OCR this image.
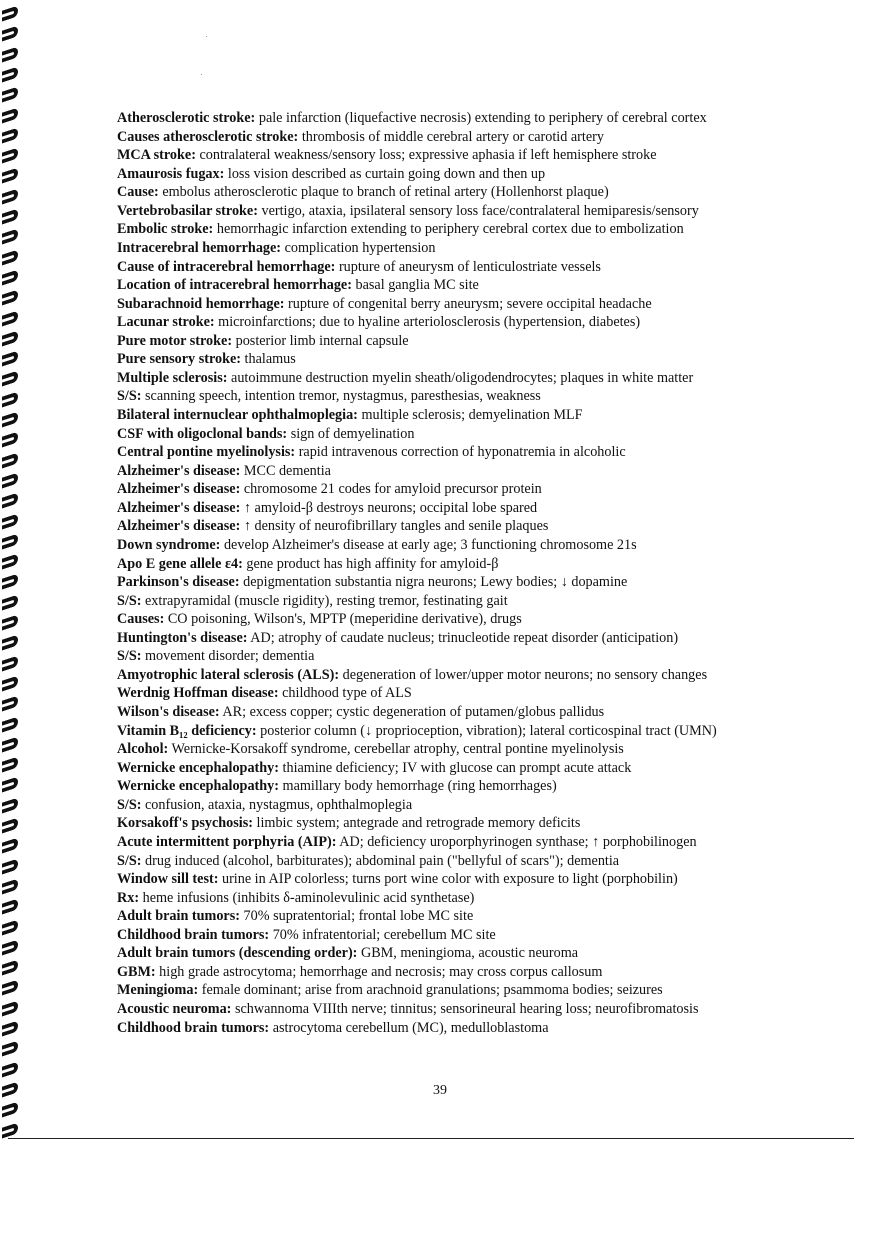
Atherosclerotic stroke: pale infarction (liquefactive necrosis) extending to periphery of cerebral cortex
Causes atherosclerotic stroke: thrombosis of middle cerebral artery or carotid artery
MCA stroke: contralateral weakness/sensory loss; expressive aphasia if left hemisphere stroke
Amaurosis fugax: loss vision described as curtain going down and then up
Cause: embolus atherosclerotic plaque to branch of retinal artery (Hollenhorst plaque)
Vertebrobasilar stroke: vertigo, ataxia, ipsilateral sensory loss face/contralateral hemiparesis/sensory
Embolic stroke: hemorrhagic infarction extending to periphery cerebral cortex due to embolization
Intracerebral hemorrhage: complication hypertension
Cause of intracerebral hemorrhage: rupture of aneurysm of lenticulostriate vessels
Location of intracerebral hemorrhage: basal ganglia MC site
Subarachnoid hemorrhage: rupture of congenital berry aneurysm; severe occipital headache
Lacunar stroke: microinfarctions; due to hyaline arteriolosclerosis (hypertension, diabetes)
Pure motor stroke: posterior limb internal capsule
Pure sensory stroke: thalamus
Multiple sclerosis: autoimmune destruction myelin sheath/oligodendrocytes; plaques in white matter
S/S: scanning speech, intention tremor, nystagmus, paresthesias, weakness
Bilateral internuclear ophthalmoplegia: multiple sclerosis; demyelination MLF
CSF with oligoclonal bands: sign of demyelination
Central pontine myelinolysis: rapid intravenous correction of hyponatremia in alcoholic
Alzheimer's disease: MCC dementia
Alzheimer's disease: chromosome 21 codes for amyloid precursor protein
Alzheimer's disease: ↑ amyloid-β destroys neurons; occipital lobe spared
Alzheimer's disease: ↑ density of neurofibrillary tangles and senile plaques
Down syndrome: develop Alzheimer's disease at early age; 3 functioning chromosome 21s
Apo E gene allele ε4: gene product has high affinity for amyloid-β
Parkinson's disease: depigmentation substantia nigra neurons; Lewy bodies; ↓ dopamine
S/S: extrapyramidal (muscle rigidity), resting tremor, festinating gait
Causes: CO poisoning, Wilson's, MPTP (meperidine derivative), drugs
Huntington's disease: AD; atrophy of caudate nucleus; trinucleotide repeat disorder (anticipation)
S/S: movement disorder; dementia
Amyotrophic lateral sclerosis (ALS): degeneration of lower/upper motor neurons; no sensory changes
Werdnig Hoffman disease: childhood type of ALS
Wilson's disease: AR; excess copper; cystic degeneration of putamen/globus pallidus
Vitamin B₁₂ deficiency: posterior column (↓ proprioception, vibration); lateral corticospinal tract (UMN)
Alcohol: Wernicke-Korsakoff syndrome, cerebellar atrophy, central pontine myelinolysis
Wernicke encephalopathy: thiamine deficiency; IV with glucose can prompt acute attack
Wernicke encephalopathy: mamillary body hemorrhage (ring hemorrhages)
S/S: confusion, ataxia, nystagmus, ophthalmoplegia
Korsakoff's psychosis: limbic system; antegrade and retrograde memory deficits
Acute intermittent porphyria (AIP): AD; deficiency uroporphyrinogen synthase; ↑ porphobilinogen
S/S: drug induced (alcohol, barbiturates); abdominal pain ("bellyful of scars"); dementia
Window sill test: urine in AIP colorless; turns port wine color with exposure to light (porphobilin)
Rx: heme infusions (inhibits δ-aminolevulinic acid synthetase)
Adult brain tumors: 70% supratentorial; frontal lobe MC site
Childhood brain tumors: 70% infratentorial; cerebellum MC site
Adult brain tumors (descending order): GBM, meningioma, acoustic neuroma
GBM: high grade astrocytoma; hemorrhage and necrosis; may cross corpus callosum
Meningioma: female dominant; arise from arachnoid granulations; psammoma bodies; seizures
Acoustic neuroma: schwannoma VIIIth nerve; tinnitus; sensorineural hearing loss; neurofibromatosis
Childhood brain tumors: astrocytoma cerebellum (MC), medulloblastoma
39
